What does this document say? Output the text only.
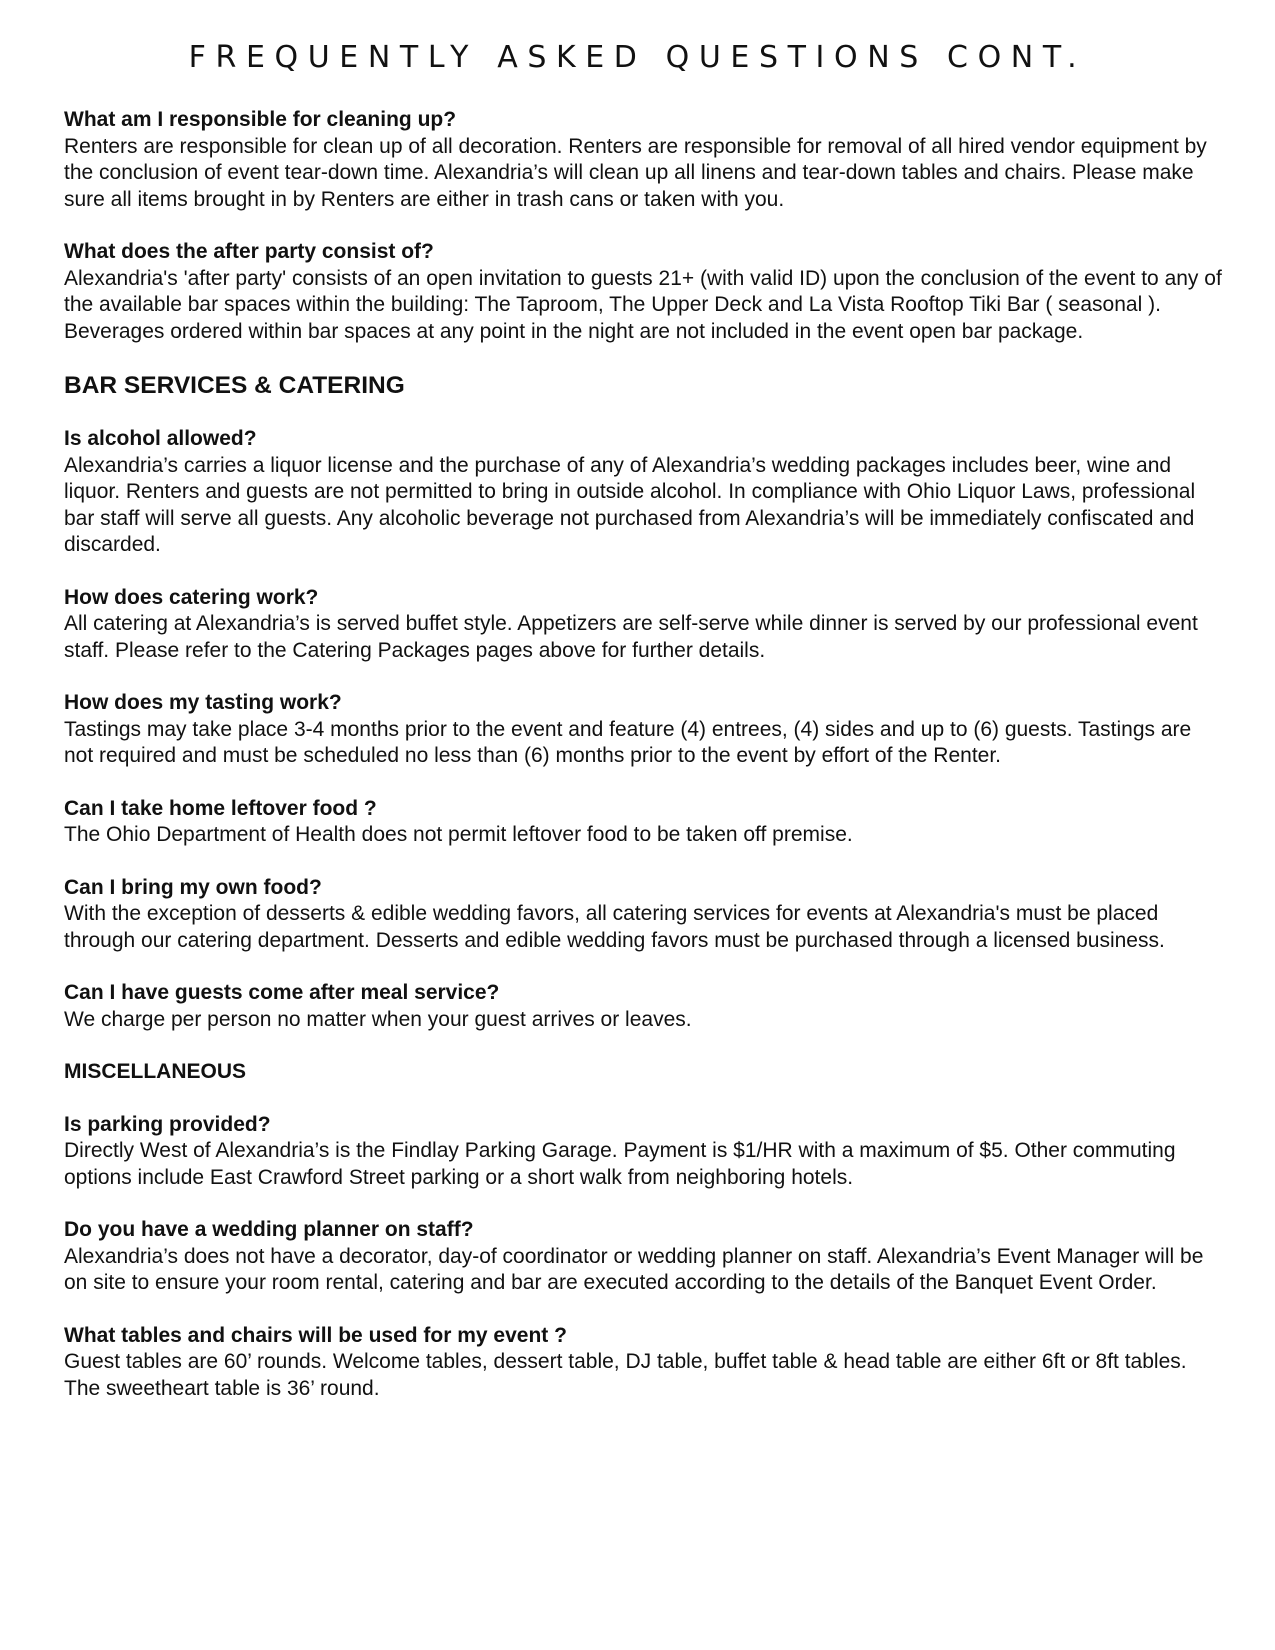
FREQUENTLY ASKED QUESTIONS CONT.

What am I responsible for cleaning up?

Renters are responsible for clean up of all decoration. Renters are responsible for removal of all hired vendor equipment by the conclusion of event tear-down time. Alexandria’s will clean up all linens and tear-down tables and chairs. Please make sure all items brought in by Renters are either in trash cans or taken with you.

What does the after party consist of?

Alexandria's 'after party' consists of an open invitation to guests 21+ (with valid ID) upon the conclusion of the event to any of the available bar spaces within the building: The Taproom, The Upper Deck and La Vista Rooftop Tiki Bar ( seasonal ). Beverages ordered within bar spaces at any point in the night are not included in the event open bar package.

BAR SERVICES & CATERING

Is alcohol allowed?

Alexandria’s carries a liquor license and the purchase of any of Alexandria’s wedding packages includes beer, wine and liquor. Renters and guests are not permitted to bring in outside alcohol. In compliance with Ohio Liquor Laws, professional bar staff will serve all guests. Any alcoholic beverage not purchased from Alexandria’s will be immediately confiscated and discarded.

How does catering work?

All catering at Alexandria’s is served buffet style. Appetizers are self-serve while dinner is served by our professional event staff. Please refer to the Catering Packages pages above for further details.

How does my tasting work?

Tastings may take place 3-4 months prior to the event and feature (4) entrees, (4) sides and up to (6) guests. Tastings are not required and must be scheduled no less than (6) months prior to the event by effort of the Renter.

Can I take home leftover food ?

The Ohio Department of Health does not permit leftover food to be taken off premise.

Can I bring my own food?

With the exception of desserts & edible wedding favors, all catering services for events at Alexandria's must be placed through our catering department. Desserts and edible wedding favors must be purchased through a licensed business.

Can I have guests come after meal service?

We charge per person no matter when your guest arrives or leaves.

MISCELLANEOUS

Is parking provided?

Directly West of Alexandria’s is the Findlay Parking Garage. Payment is $1/HR with a maximum of $5. Other commuting options include East Crawford Street parking or a short walk from neighboring hotels.

Do you have a wedding planner on staff?

Alexandria’s does not have a decorator, day-of coordinator or wedding planner on staff. Alexandria’s Event Manager will be on site to ensure your room rental, catering and bar are executed according to the details of the Banquet Event Order.

What tables and chairs will be used for my event ?

Guest tables are 60’ rounds. Welcome tables, dessert table, DJ table, buffet table & head table are either 6ft or 8ft tables. The sweetheart table is 36’ round.
